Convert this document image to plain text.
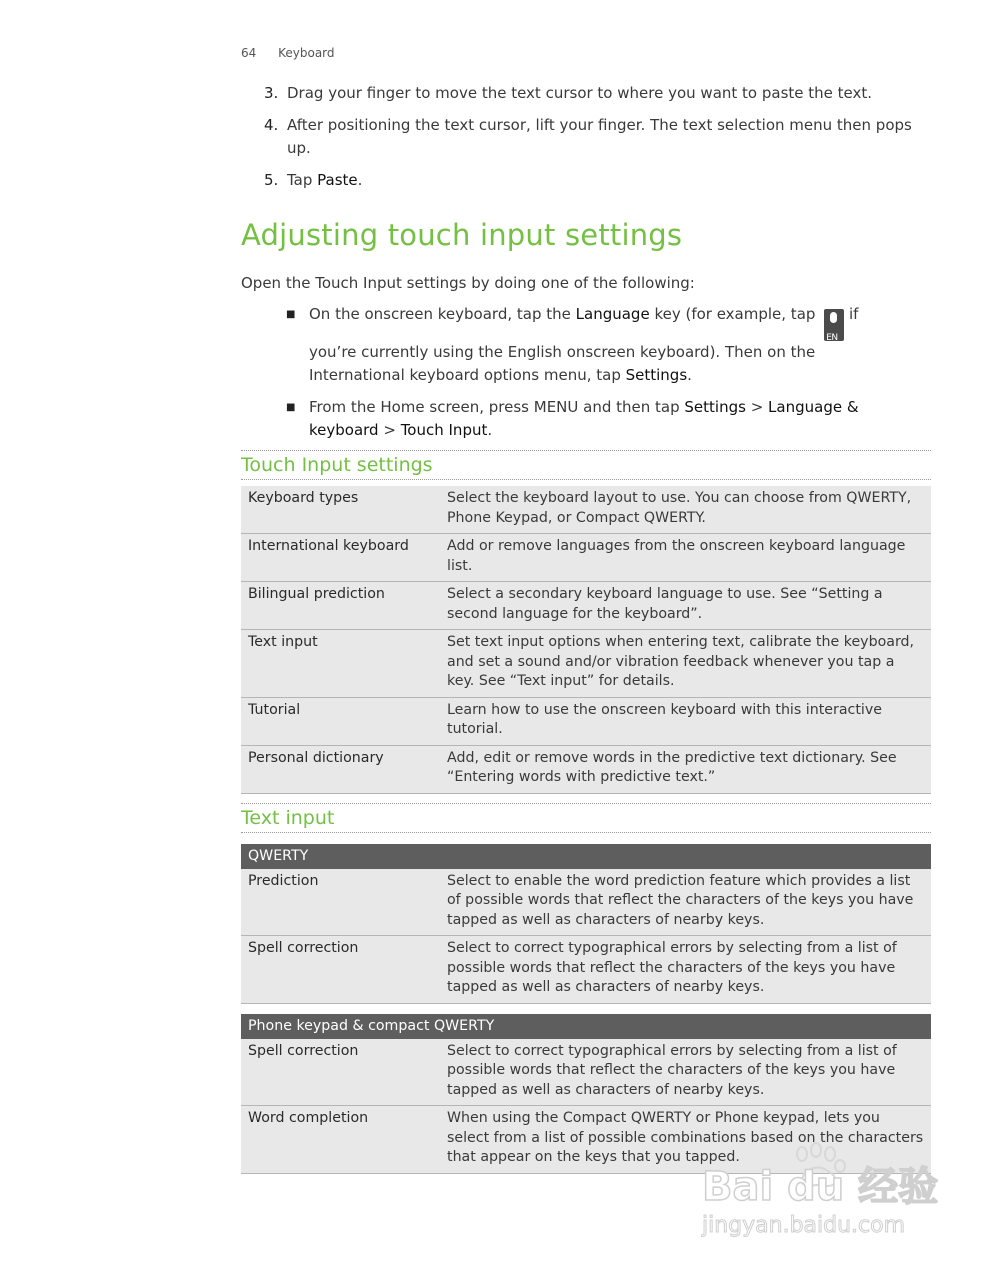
64 Keyboard
3. Drag your finger to move the text cursor to where you want to paste the text.
4. After positioning the text cursor, lift your finger. The text selection menu then pops up.
5. Tap Paste.
Adjusting touch input settings
Open the Touch Input settings by doing one of the following:
■ On the onscreen keyboard, tap the Language key (for example, tap
EN
if you’re currently using the English onscreen keyboard). Then on the International keyboard options menu, tap Settings.
■ From the Home screen, press MENU and then tap Settings > Language & keyboard > Touch Input.
Touch Input settings
Keyboard types	Select the keyboard layout to use. You can choose from QWERTY, Phone Keypad, or Compact QWERTY.
International keyboard	Add or remove languages from the onscreen keyboard language list.
Bilingual prediction	Select a secondary keyboard language to use. See “Setting a second language for the keyboard”.
Text input	Set text input options when entering text, calibrate the keyboard, and set a sound and/or vibration feedback whenever you tap a key. See “Text input” for details.
Tutorial	Learn how to use the onscreen keyboard with this interactive tutorial.
Personal dictionary	Add, edit or remove words in the predictive text dictionary. See “Entering words with predictive text.”
Text input
QWERTY	
Prediction	Select to enable the word prediction feature which provides a list of possible words that reflect the characters of the keys you have tapped as well as characters of nearby keys.
Spell correction	Select to correct typographical errors by selecting from a list of possible words that reflect the characters of the keys you have tapped as well as characters of nearby keys.
Phone keypad & compact QWERTY	
Spell correction	Select to correct typographical errors by selecting from a list of possible words that reflect the characters of the keys you have tapped as well as characters of nearby keys.
Word completion	When using the Compact QWERTY or Phone keypad, lets you select from a list of possible combinations based on the characters that appear on the keys that you tapped.
Bai du 经验
jingyan.baidu.com
